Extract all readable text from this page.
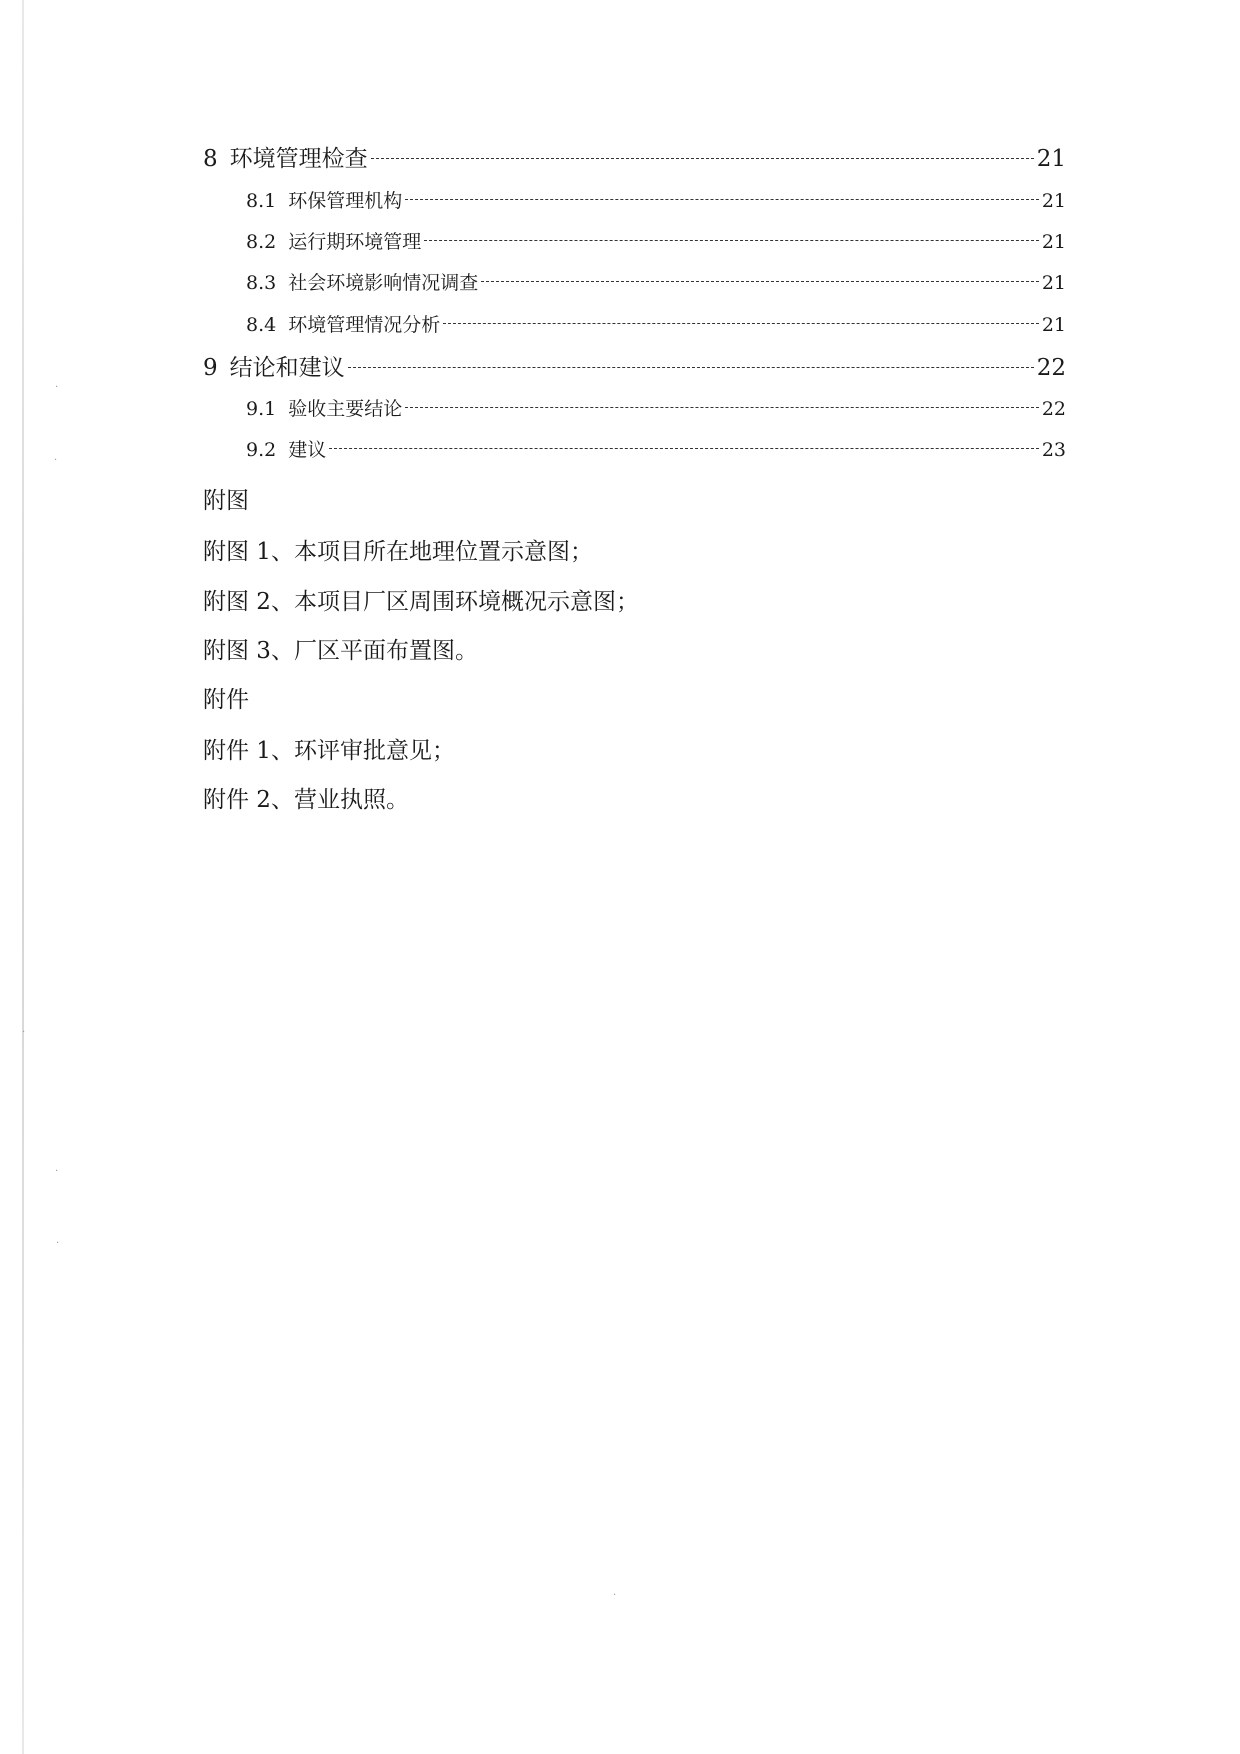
8 环境管理检查	21
8.1 环保管理机构	21
8.2 运行期环境管理	21
8.3 社会环境影响情况调查	21
8.4 环境管理情况分析	21
9 结论和建议	22
9.1 验收主要结论	22
9.2 建议	23
附图
附图 1、本项目所在地理位置示意图；
附图 2、本项目厂区周围环境概况示意图；
附图 3、厂区平面布置图。
附件
附件 1、环评审批意见；
附件 2、营业执照。
·
·
·
·
·
·
